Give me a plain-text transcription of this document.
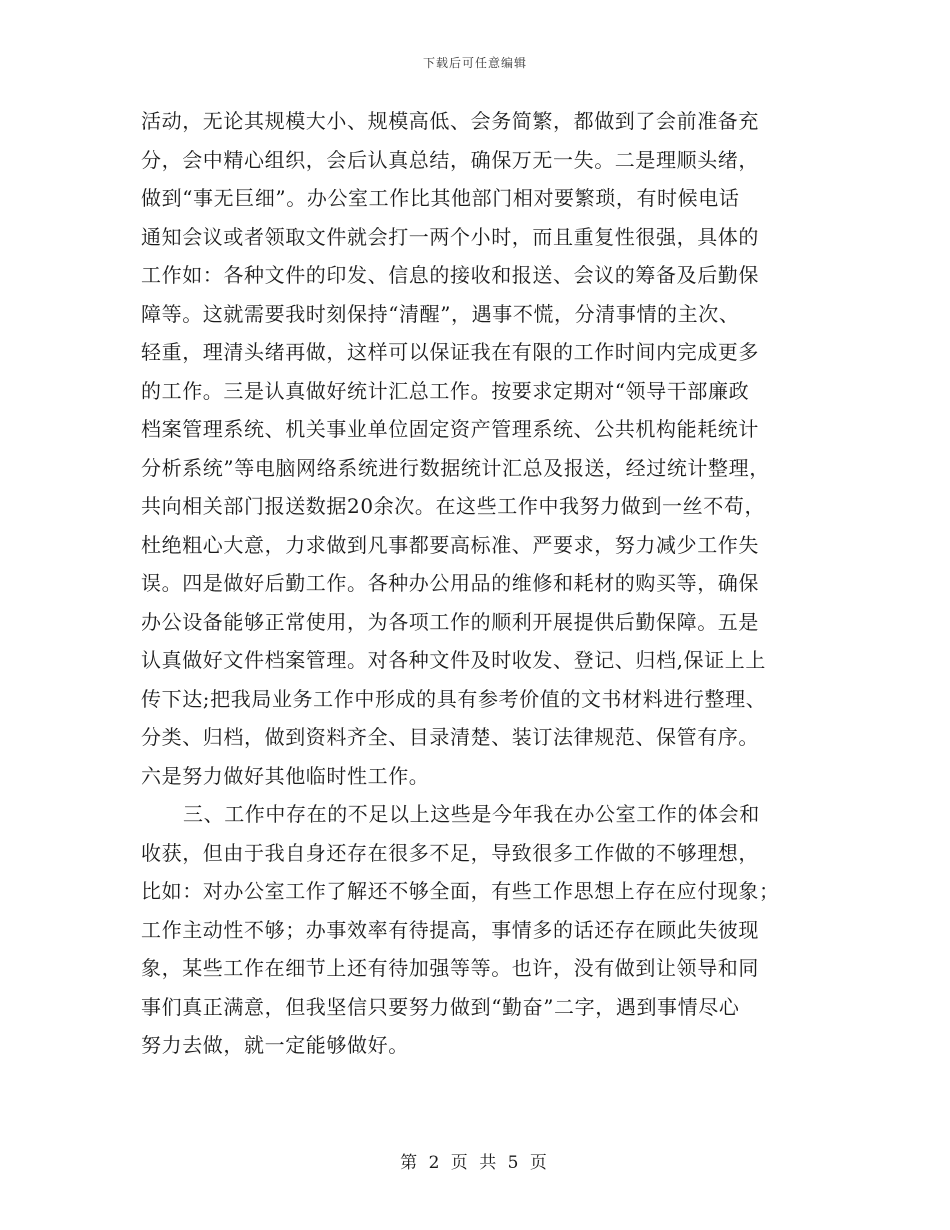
下载后可任意编辑
活动，无论其规模大小、规模高低、会务简繁，都做到了会前准备充
分，会中精心组织，会后认真总结，确保万无一失。二是理顺头绪，
做到“事无巨细”。办公室工作比其他部门相对要繁琐，有时候电话
通知会议或者领取文件就会打一两个小时，而且重复性很强，具体的
工作如：各种文件的印发、信息的接收和报送、会议的筹备及后勤保
障等。这就需要我时刻保持“清醒”，遇事不慌，分清事情的主次、
轻重，理清头绪再做，这样可以保证我在有限的工作时间内完成更多
的工作。三是认真做好统计汇总工作。按要求定期对“领导干部廉政
档案管理系统、机关事业单位固定资产管理系统、公共机构能耗统计
分析系统”等电脑网络系统进行数据统计汇总及报送，经过统计整理，
共向相关部门报送数据20余次。在这些工作中我努力做到一丝不苟，
杜绝粗心大意，力求做到凡事都要高标准、严要求，努力减少工作失
误。四是做好后勤工作。各种办公用品的维修和耗材的购买等，确保
办公设备能够正常使用，为各项工作的顺利开展提供后勤保障。五是
认真做好文件档案管理。对各种文件及时收发、登记、归档,保证上上
传下达;把我局业务工作中形成的具有参考价值的文书材料进行整理、
分类、归档，做到资料齐全、目录清楚、装订法律规范、保管有序。
六是努力做好其他临时性工作。
三、工作中存在的不足以上这些是今年我在办公室工作的体会和
收获，但由于我自身还存在很多不足，导致很多工作做的不够理想，
比如：对办公室工作了解还不够全面，有些工作思想上存在应付现象；
工作主动性不够；办事效率有待提高，事情多的话还存在顾此失彼现
象，某些工作在细节上还有待加强等等。也许，没有做到让领导和同
事们真正满意，但我坚信只要努力做到“勤奋”二字，遇到事情尽心
努力去做，就一定能够做好。
第 2 页 共 5 页
